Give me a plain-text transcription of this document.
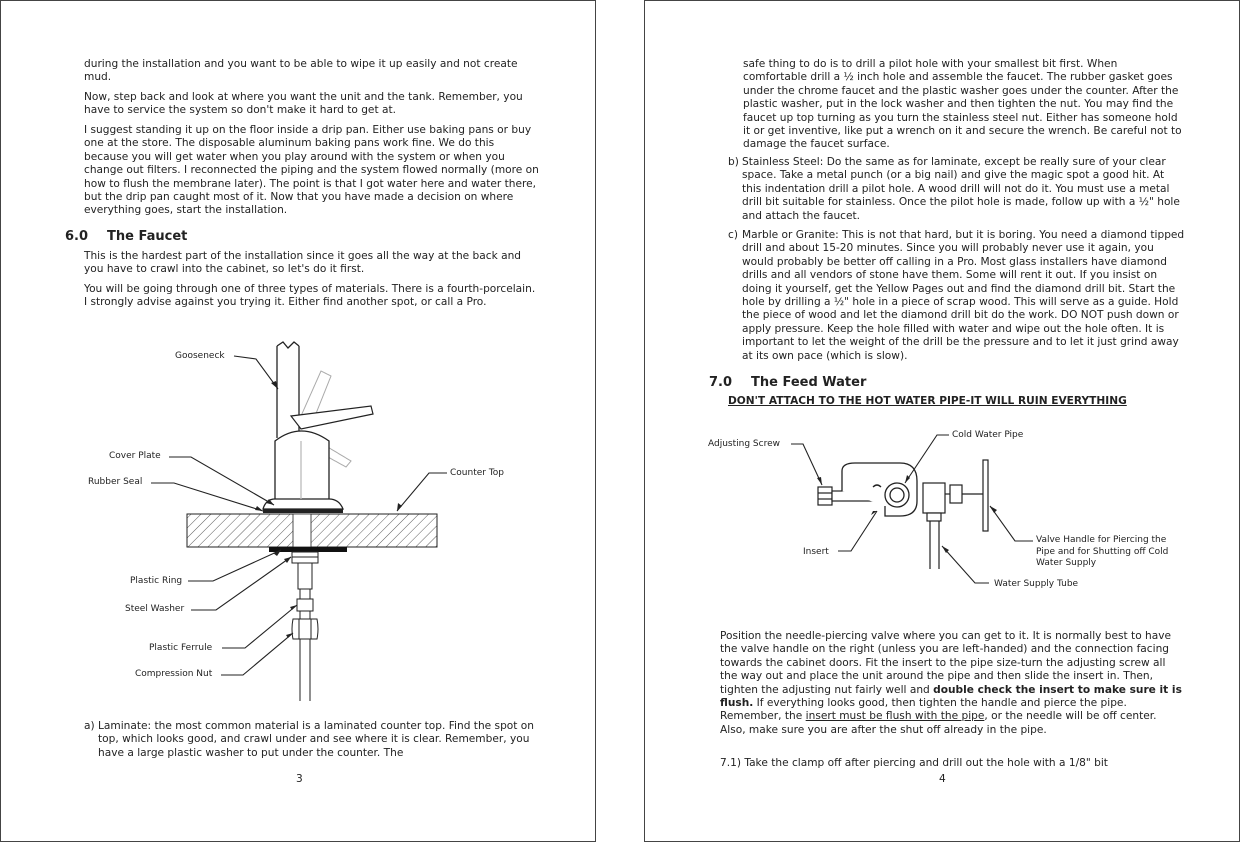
during the installation and you want to be able to wipe it up easily and not create mud.

Now, step back and look at where you want the unit and the tank. Remember, you have to service the system so don't make it hard to get at.

I suggest standing it up on the floor inside a drip pan. Either use baking pans or buy one at the store. The disposable aluminum baking pans work fine. We do this because you will get water when you play around with the system or when you change out filters. I reconnected the piping and the system flowed normally (more on how to flush the membrane later). The point is that I got water here and water there, but the drip pan caught most of it. Now that you have made a decision on where everything goes, start the installation.

6.0 The Faucet

This is the hardest part of the installation since it goes all the way at the back and you have to crawl into the cabinet, so let's do it first.

You will be going through one of three types of materials. There is a fourth-porcelain. I strongly advise against you trying it. Either find another spot, or call a Pro.

Gooseneck
Cover Plate
Rubber Seal
Counter Top
Plastic Ring
Steel Washer
Plastic Ferrule
Compression Nut
a) Laminate: the most common material is a laminated counter top. Find the spot on top, which looks good, and crawl under and see where it is clear. Remember, you have a large plastic washer to put under the counter. The
3

safe thing to do is to drill a pilot hole with your smallest bit first. When comfortable drill a ½ inch hole and assemble the faucet. The rubber gasket goes under the chrome faucet and the plastic washer goes under the counter. After the plastic washer, put in the lock washer and then tighten the nut. You may find the faucet up top turning as you turn the stainless steel nut. Either has someone hold it or get inventive, like put a wrench on it and secure the wrench. Be careful not to damage the faucet surface.

b) Stainless Steel: Do the same as for laminate, except be really sure of your clear space. Take a metal punch (or a big nail) and give the magic spot a good hit. At this indentation drill a pilot hole. A wood drill will not do it. You must use a metal drill bit suitable for stainless. Once the pilot hole is made, follow up with a ½" hole and attach the faucet.
c) Marble or Granite: This is not that hard, but it is boring. You need a diamond tipped drill and about 15-20 minutes. Since you will probably never use it again, you would probably be better off calling in a Pro. Most glass installers have diamond drills and all vendors of stone have them. Some will rent it out. If you insist on doing it yourself, get the Yellow Pages out and find the diamond drill bit. Start the hole by drilling a ½" hole in a piece of scrap wood. This will serve as a guide. Hold the piece of wood and let the diamond drill bit do the work. DO NOT push down or apply pressure. Keep the hole filled with water and wipe out the hole often. It is important to let the weight of the drill be the pressure and to let it just grind away at its own pace (which is slow).
7.0 The Feed Water
DON'T ATTACH TO THE HOT WATER PIPE-IT WILL RUIN EVERYTHING
Adjusting Screw
Cold Water Pipe
Insert
Valve Handle for Piercing the
Pipe and for Shutting off Cold
Water Supply
Water Supply Tube

Position the needle-piercing valve where you can get to it. It is normally best to have the valve handle on the right (unless you are left-handed) and the connection facing towards the cabinet doors. Fit the insert to the pipe size-turn the adjusting screw all the way out and place the unit around the pipe and then slide the insert in. Then, tighten the adjusting nut fairly well and double check the insert to make sure it is flush. If everything looks good, then tighten the handle and pierce the pipe. Remember, the insert must be flush with the pipe, or the needle will be off center. Also, make sure you are after the shut off already in the pipe.

7.1) Take the clamp off after piercing and drill out the hole with a 1/8" bit

4
